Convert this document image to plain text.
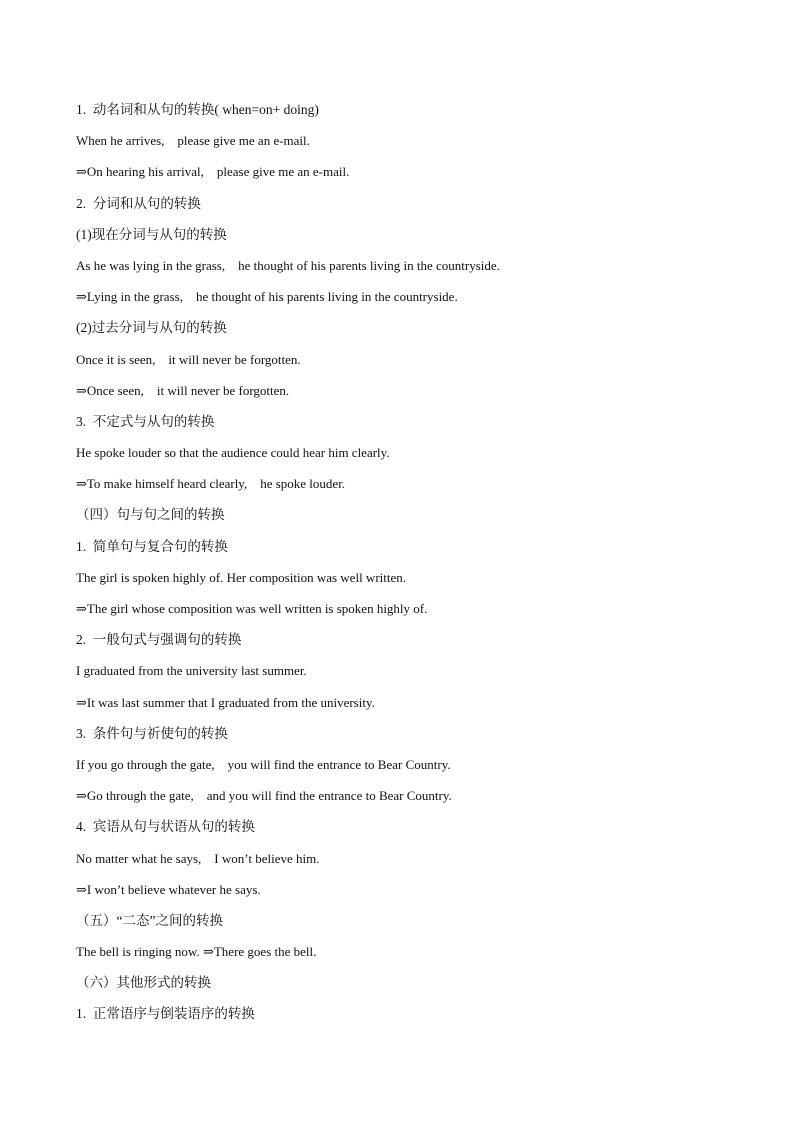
1.  动名词和从句的转换( when=on+ doing)
When he arrives,    please give me an e-mail.
⇒On hearing his arrival,    please give me an e-mail.
2.  分词和从句的转换
(1)现在分词与从句的转换
As he was lying in the grass,    he thought of his parents living in the countryside.
⇒Lying in the grass,    he thought of his parents living in the countryside.
(2)过去分词与从句的转换
Once it is seen,    it will never be forgotten.
⇒Once seen,    it will never be forgotten.
3.  不定式与从句的转换
He spoke louder so that the audience could hear him clearly.
⇒To make himself heard clearly,    he spoke louder.
（四）句与句之间的转换
1.  简单句与复合句的转换
The girl is spoken highly of. Her composition was well written.
⇒The girl whose composition was well written is spoken highly of.
2.  一般句式与强调句的转换
I graduated from the university last summer.
⇒It was last summer that I graduated from the university.
3.  条件句与祈使句的转换
If you go through the gate,    you will find the entrance to Bear Country.
⇒Go through the gate,    and you will find the entrance to Bear Country.
4.  宾语从句与状语从句的转换
No matter what he says,    I won’t believe him.
⇒I won’t believe whatever he says.
（五）“二态”之间的转换
The bell is ringing now. ⇒There goes the bell.
（六）其他形式的转换
1.  正常语序与倒装语序的转换
